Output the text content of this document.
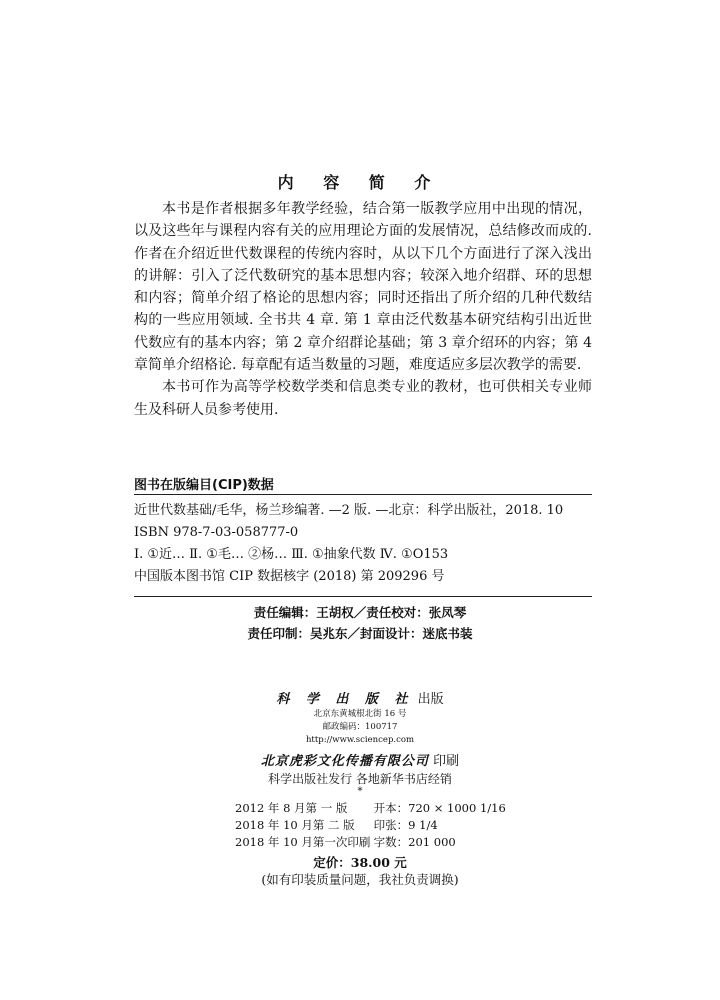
内 容 简 介

本书是作者根据多年教学经验，结合第一版教学应用中出现的情况，以及这些年与课程内容有关的应用理论方面的发展情况，总结修改而成的. 作者在介绍近世代数课程的传统内容时，从以下几个方面进行了深入浅出的讲解：引入了泛代数研究的基本思想内容；较深入地介绍群、环的思想和内容；简单介绍了格论的思想内容；同时还指出了所介绍的几种代数结构的一些应用领域. 全书共 4 章. 第 1 章由泛代数基本研究结构引出近世代数应有的基本内容；第 2 章介绍群论基础；第 3 章介绍环的内容；第 4 章简单介绍格论. 每章配有适当数量的习题，难度适应多层次教学的需要.

本书可作为高等学校数学类和信息类专业的教材，也可供相关专业师生及科研人员参考使用.

图书在版编目(CIP)数据
近世代数基础/毛华，杨兰珍编著. —2 版. —北京：科学出版社，2018. 10
ISBN 978-7-03-058777-0
Ⅰ. ①近… Ⅱ. ①毛… ②杨… Ⅲ. ①抽象代数 Ⅳ. ①O153
中国版本图书馆 CIP 数据核字 (2018) 第 209296 号
责任编辑：王胡权／责任校对：张凤琴
责任印制：吴兆东／封面设计：迷底书装
科 学 出 版 社 出版
北京东黄城根北街 16 号
邮政编码：100717
http://www.sciencep.com
北京虎彩文化传播有限公司 印刷
科学出版社发行 各地新华书店经销
*
2012 年 8 月第 一 版 开本：720 × 1000 1/16
2018 年 10 月第 二 版 印张：9 1/4
2018 年 10 月第一次印刷 字数：201 000
定价：38.00 元
(如有印装质量问题，我社负责调换)
